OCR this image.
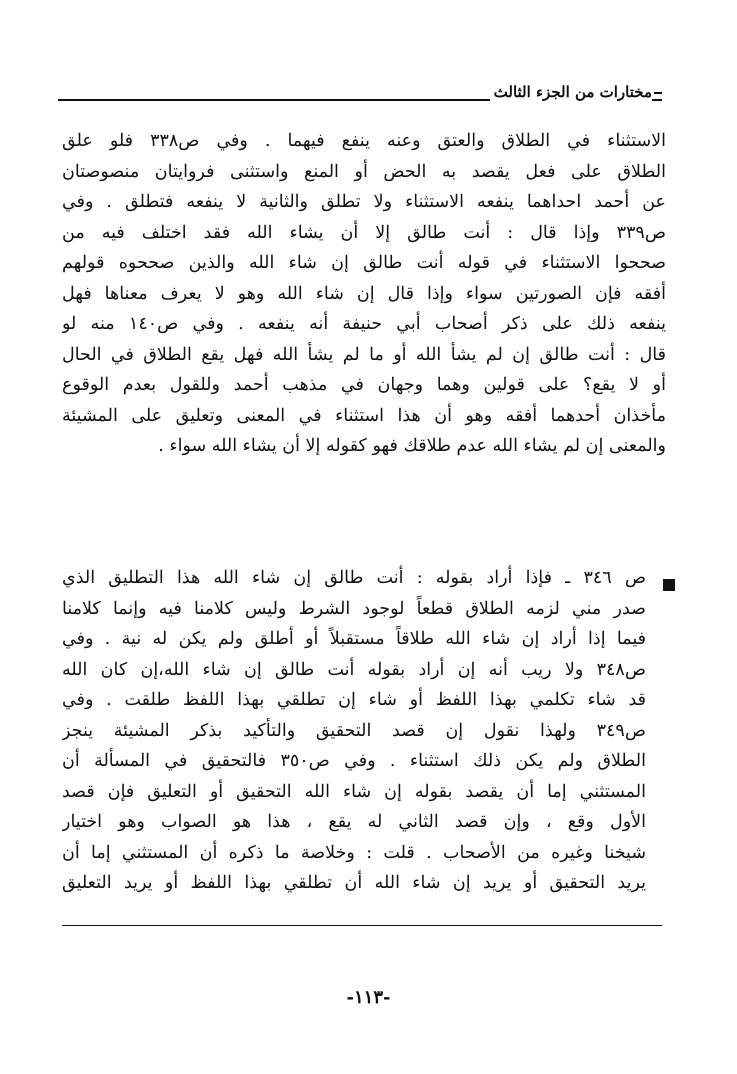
مختارات من الجزء الثالث
الاستثناء في الطلاق والعتق وعنه ينفع فيهما . وفي ص٣٣٨ فلو علق
الطلاق على فعل يقصد به الحض أو المنع واستثنى فروايتان منصوصتان
عن أحمد احداهما ينفعه الاستثناء ولا تطلق والثانية لا ينفعه فتطلق . وفي
ص٣٣٩ وإذا قال : أنت طالق إلا أن يشاء الله فقد اختلف فيه من
صححوا الاستثناء في قوله أنت طالق إن شاء الله والذين صححوه قولهم
أفقه فإن الصورتين سواء وإذا قال إن شاء الله وهو لا يعرف معناها فهل
ينفعه ذلك على ذكر أصحاب أبي حنيفة أنه ينفعه . وفي ص١٤٠ منه لو
قال : أنت طالق إن لم يشأ الله أو ما لم يشأ الله فهل يقع الطلاق في الحال
أو لا يقع؟ على قولين وهما وجهان في مذهب أحمد وللقول بعدم الوقوع
مأخذان أحدهما أفقه وهو أن هذا استثناء في المعنى وتعليق على المشيئة
والمعنى إن لم يشاء الله عدم طلاقك فهو كقوله إلا أن يشاء الله سواء .
ص ٣٤٦ ـ فإذا أراد بقوله : أنت طالق إن شاء الله هذا التطليق الذي
صدر مني لزمه الطلاق قطعاً لوجود الشرط وليس كلامنا فيه وإنما كلامنا
فيما إذا أراد إن شاء الله طلاقاً مستقبلاً أو أطلق ولم يكن له نية . وفي
ص٣٤٨ ولا ريب أنه إن أراد بقوله أنت طالق إن شاء الله،إن كان الله
قد شاء تكلمي بهذا اللفظ أو شاء إن تطلقي بهذا اللفظ طلقت . وفي
ص٣٤٩ ولهذا نقول إن قصد التحقيق والتأكيد بذكر المشيئة ينجز
الطلاق ولم يكن ذلك استثناء . وفي ص٣٥٠ فالتحقيق في المسألة أن
المستثني إما أن يقصد بقوله إن شاء الله التحقيق أو التعليق فإن قصد
الأول وقع ، وإن قصد الثاني له يقع ، هذا هو الصواب وهو اختيار
شيخنا وغيره من الأصحاب . قلت : وخلاصة ما ذكره أن المستثني إما أن
يريد التحقيق أو يريد إن شاء الله أن تطلقي بهذا اللفظ أو يريد التعليق
-١١٣-
